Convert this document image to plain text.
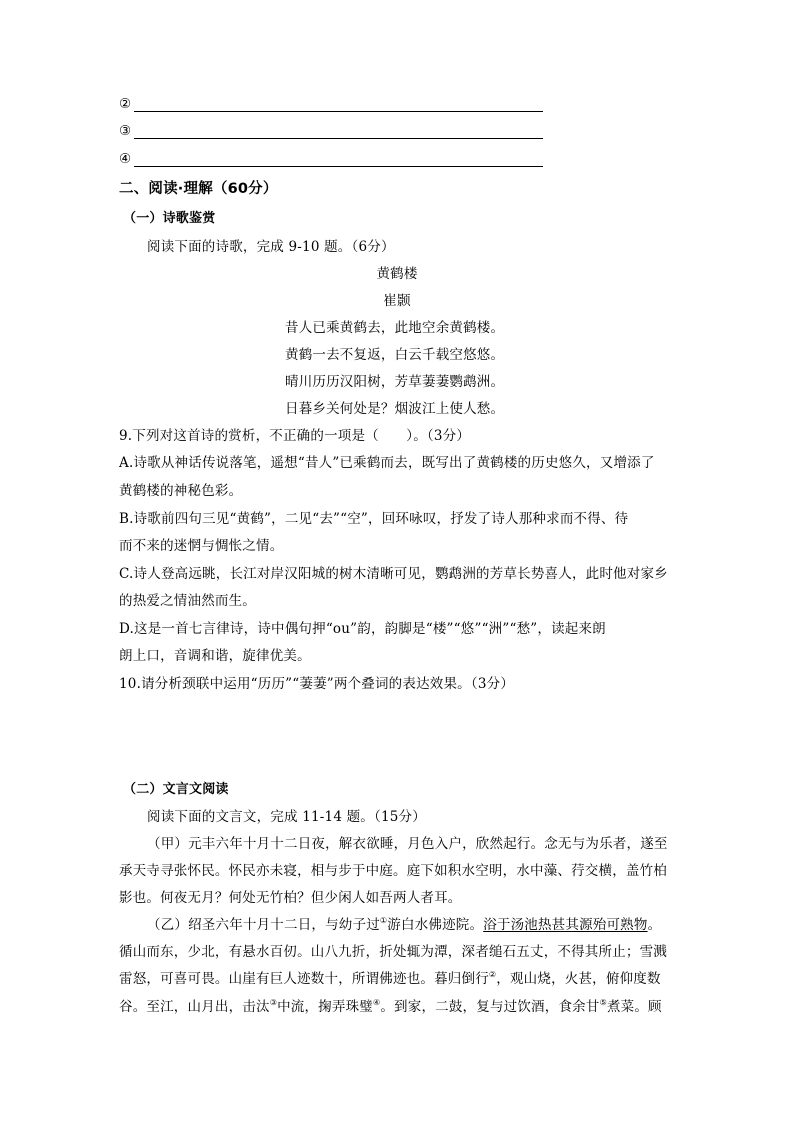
②
③
④
二、阅读·理解（60分）
（一）诗歌鉴赏
阅读下面的诗歌，完成 9-10 题。（6分）
黄鹤楼
崔颢
昔人已乘黄鹤去，此地空余黄鹤楼。
黄鹤一去不复返，白云千载空悠悠。
晴川历历汉阳树，芳草萋萋鹦鹉洲。
日暮乡关何处是？烟波江上使人愁。
9.下列对这首诗的赏析，不正确的一项是（　　）。（3分）
A.诗歌从神话传说落笔，遥想“昔人”已乘鹤而去，既写出了黄鹤楼的历史悠久，又增添了
黄鹤楼的神秘色彩。
B.诗歌前四句三见“黄鹤”，二见“去”“空”，回环咏叹，抒发了诗人那种求而不得、待
而不来的迷惘与惆怅之情。
C.诗人登高远眺，长江对岸汉阳城的树木清晰可见，鹦鹉洲的芳草长势喜人，此时他对家乡
的热爱之情油然而生。
D.这是一首七言律诗，诗中偶句押“ou”韵，韵脚是“楼”“悠”“洲”“愁”，读起来朗
朗上口，音调和谐，旋律优美。
10.请分析颈联中运用“历历”“萋萋”两个叠词的表达效果。（3分）
（二）文言文阅读
阅读下面的文言文，完成 11-14 题。（15分）
（甲）元丰六年十月十二日夜，解衣欲睡，月色入户，欣然起行。念无与为乐者，遂至
承天寺寻张怀民。怀民亦未寝，相与步于中庭。庭下如积水空明，水中藻、荇交横，盖竹柏
影也。何夜无月？何处无竹柏？但少闲人如吾两人者耳。
（乙）绍圣六年十月十二日，与幼子过①游白水佛迹院。浴于汤池热甚其源殆可熟物。
循山而东，少北，有悬水百仞。山八九折，折处辄为潭，深者缒石五丈，不得其所止；雪溅
雷怒，可喜可畏。山崖有巨人迹数十，所谓佛迹也。暮归倒行②，观山烧，火甚，俯仰度数
谷。至江，山月出，击汰③中流，掬弄珠璧④。到家，二鼓，复与过饮酒，食余甘⑤煮菜。顾
